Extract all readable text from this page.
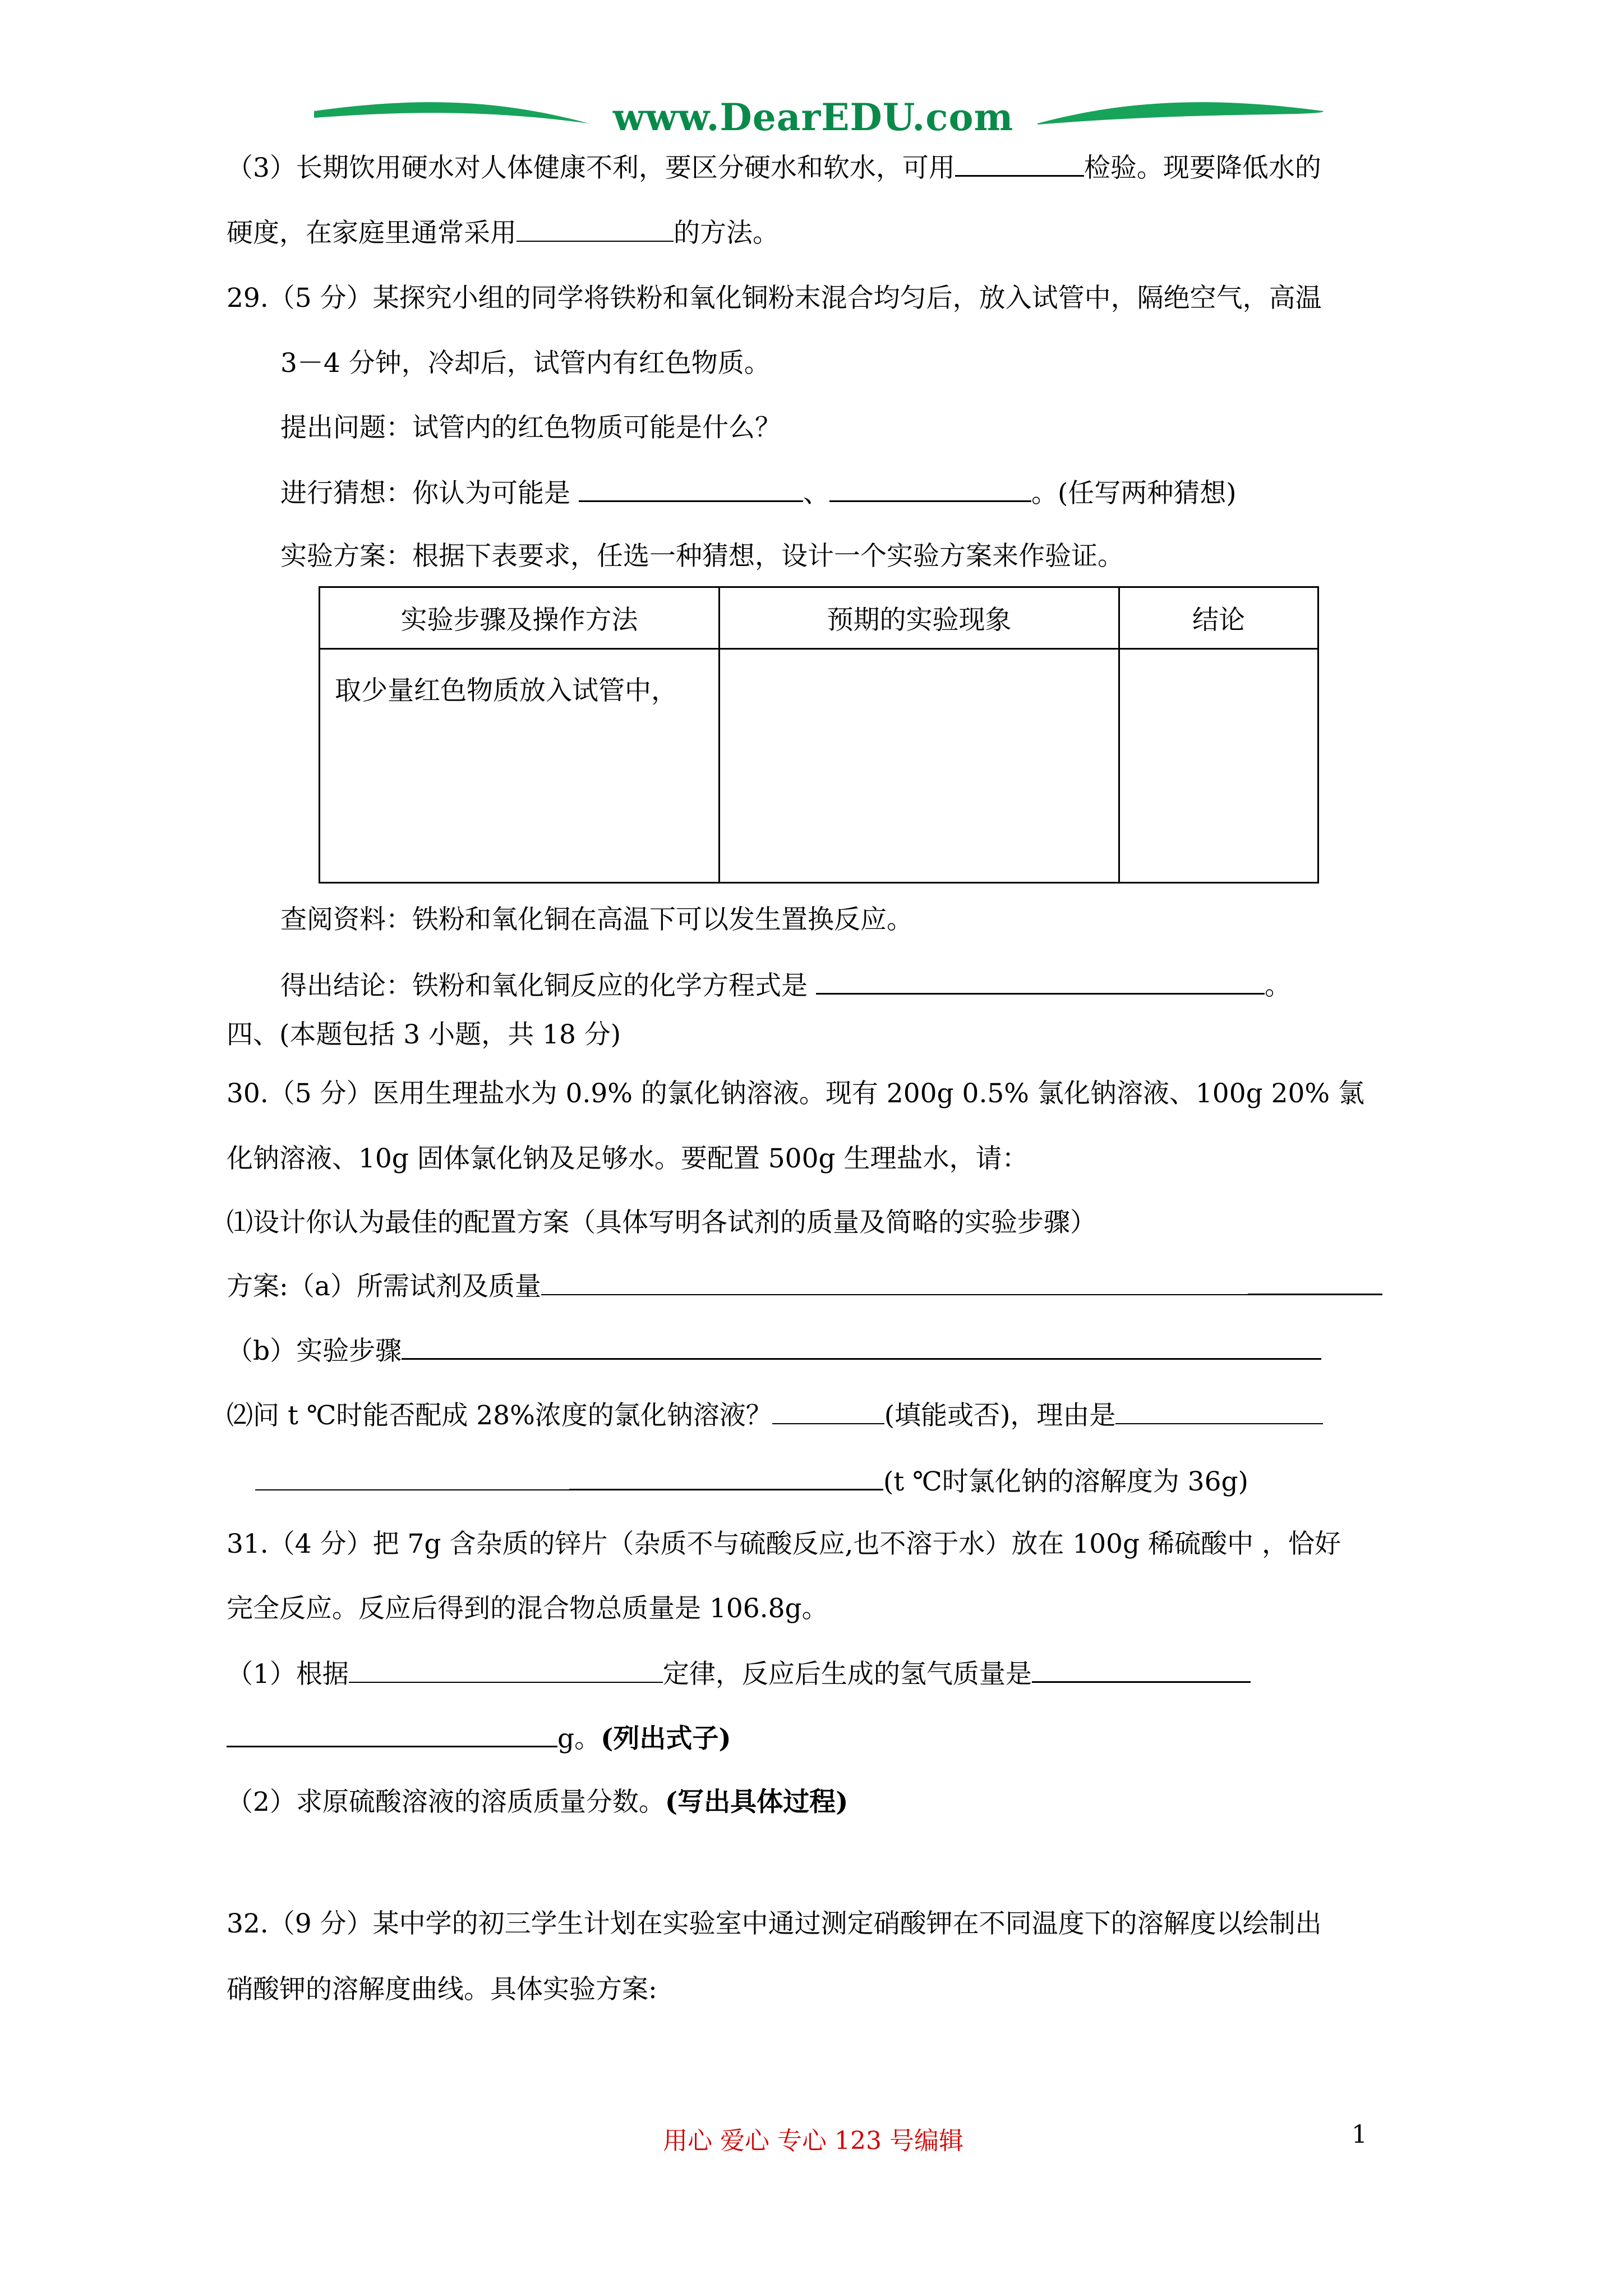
www.DearEDU.com
（3）长期饮用硬水对人体健康不利，要区分硬水和软水，可用	检验。现要降低水的
硬度，在家庭里通常采用	的方法。
29.（5 分）某探究小组的同学将铁粉和氧化铜粉末混合均匀后，放入试管中，隔绝空气，高温
3－4 分钟，冷却后，试管内有红色物质。
提出问题：试管内的红色物质可能是什么？
进行猜想：你认为可能是	、	。(任写两种猜想)
实验方案：根据下表要求，任选一种猜想，设计一个实验方案来作验证。
实验步骤及操作方法	预期的实验现象	结论
取少量红色物质放入试管中，		
查阅资料：铁粉和氧化铜在高温下可以发生置换反应。
得出结论：铁粉和氧化铜反应的化学方程式是	。
四、(本题包括 3 小题，共 18 分)
30.（5 分）医用生理盐水为 0.9% 的氯化钠溶液。现有 200g 0.5% 氯化钠溶液、100g 20% 氯
化钠溶液、10g 固体氯化钠及足够水。要配置 500g 生理盐水，请：
⑴设计你认为最佳的配置方案（具体写明各试剂的质量及简略的实验步骤）
方案:（a）所需试剂及质量
（b）实验步骤
⑵问 t ℃时能否配成 28%浓度的氯化钠溶液？	(填能或否)，理由是
(t ℃时氯化钠的溶解度为 36g)
31.（4 分）把 7g 含杂质的锌片（杂质不与硫酸反应,也不溶于水）放在 100g 稀硫酸中 ，恰好
完全反应。反应后得到的混合物总质量是 106.8g。
（1）根据	定律，反应后生成的氢气质量是
g。(列出式子)
（2）求原硫酸溶液的溶质质量分数。(写出具体过程)
32.（9 分）某中学的初三学生计划在实验室中通过测定硝酸钾在不同温度下的溶解度以绘制出
硝酸钾的溶解度曲线。具体实验方案:
用心 爱心 专心 123 号编辑	1
